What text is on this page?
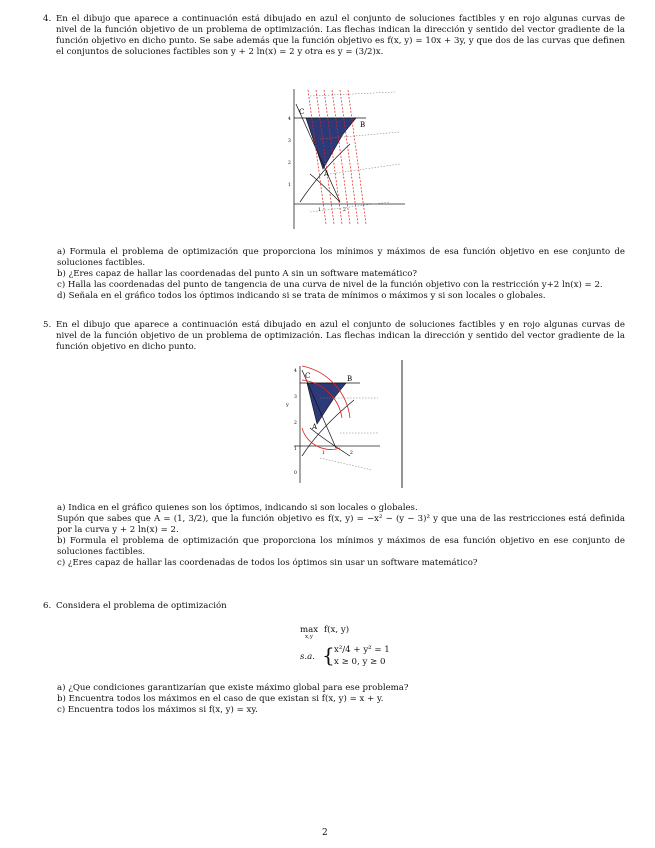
4. En el dibujo que aparece a continuación está dibujado en azul el conjunto de soluciones factibles y en rojo algunas curvas de nivel de la función objetivo de un problema de optimización. Las flechas indican la dirección y sentido del vector gradiente de la función objetivo en dicho punto. Se sabe además que la función objetivo es f(x, y) = 10x + 3y, y que dos de las curvas que definen el conjuntos de soluciones factibles son y + 2 ln(x) = 2 y otra es y = (3/2)x.
C
B
A
4
3
2
1
1	2
a) Formula el problema de optimización que proporciona los mínimos y máximos de esa función objetivo en ese conjunto de soluciones factibles.
b) ¿Eres capaz de hallar las coordenadas del punto A sin un software matemático?
c) Halla las coordenadas del punto de tangencia de una curva de nivel de la función objetivo con la restricción y+2 ln(x) = 2.
d) Señala en el gráfico todos los óptimos indicando si se trata de mínimos o máximos y si son locales o globales.
5. En el dibujo que aparece a continuación está dibujado en azul el conjunto de soluciones factibles y en rojo algunas curvas de nivel de la función objetivo de un problema de optimización. Las flechas indican la dirección y sentido del vector gradiente de la función objetivo en dicho punto.
C	B
A
y
4
3
2
1
0
1	2
a) Indica en el gráfico quienes son los óptimos, indicando si son locales o globales.
Supón que sabes que A = (1, 3/2), que la función objetivo es f(x, y) = −x² − (y − 3)² y que una de las restricciones está definida por la curva y + 2 ln(x) = 2.
b) Formula el problema de optimización que proporciona los mínimos y máximos de esa función objetivo en ese conjunto de soluciones factibles.
c) ¿Eres capaz de hallar las coordenadas de todos los óptimos sin usar un software matemático?
6. Considera el problema de optimización
max
x,y
f(x, y)
s.a. { x²/4 + y² = 1
x ≥ 0, y ≥ 0
a) ¿Que condiciones garantizarían que existe máximo global para ese problema?
b) Encuentra todos los máximos en el caso de que existan si f(x, y) = x + y.
c) Encuentra todos los máximos si f(x, y) = xy.
2
